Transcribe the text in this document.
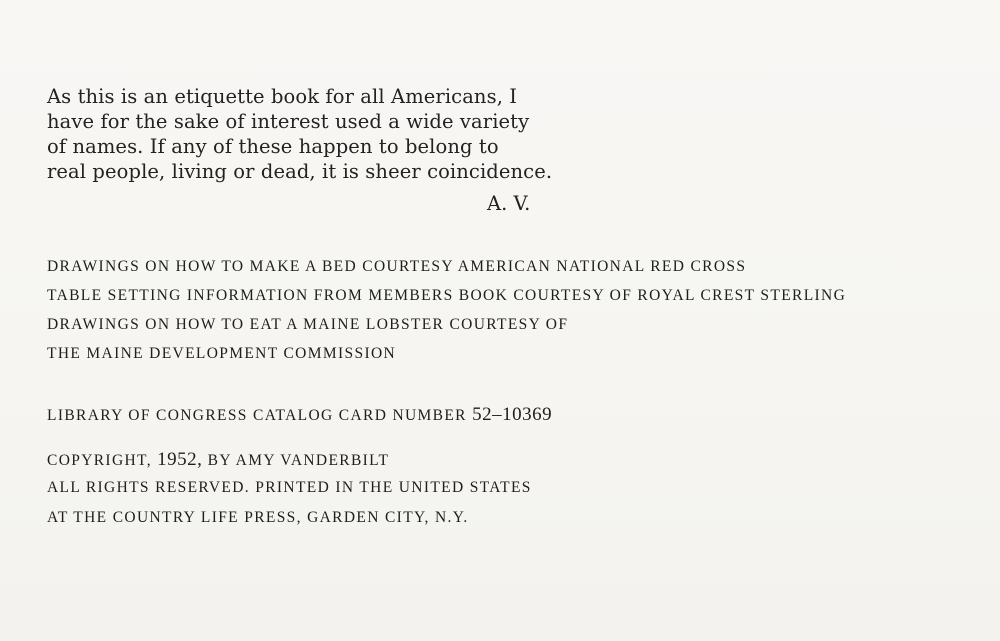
As this is an etiquette book for all Americans, I
have for the sake of interest used a wide variety
of names. If any of these happen to belong to
real people, living or dead, it is sheer coincidence.
A. V.
DRAWINGS ON HOW TO MAKE A BED COURTESY AMERICAN NATIONAL RED CROSS
TABLE SETTING INFORMATION FROM MEMBERS BOOK COURTESY OF ROYAL CREST STERLING
DRAWINGS ON HOW TO EAT A MAINE LOBSTER COURTESY OF
THE MAINE DEVELOPMENT COMMISSION
LIBRARY OF CONGRESS CATALOG CARD NUMBER 52–10369
COPYRIGHT, 1952, BY AMY VANDERBILT
ALL RIGHTS RESERVED. PRINTED IN THE UNITED STATES
AT THE COUNTRY LIFE PRESS, GARDEN CITY, N.Y.
